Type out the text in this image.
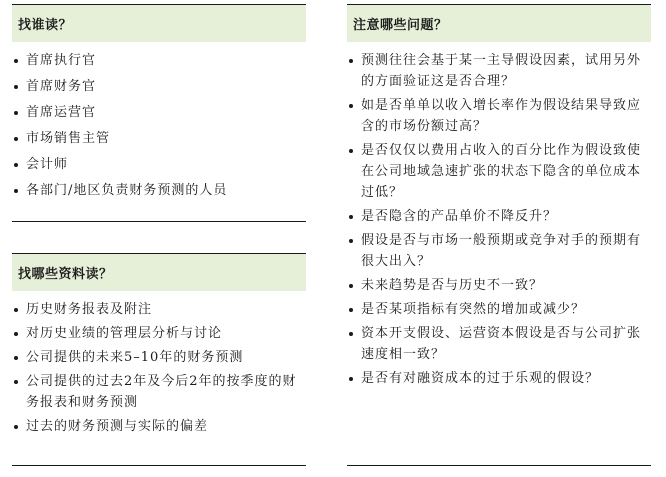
找谁读？
首席执行官
首席财务官
首席运营官
市场销售主管
会计师
各部门/地区负责财务预测的人员
找哪些资料读？
历史财务报表及附注
对历史业绩的管理层分析与讨论
公司提供的未来5–10年的财务预测
公司提供的过去2年及今后2年的按季度的财务报表和财务预测
过去的财务预测与实际的偏差
注意哪些问题？
预测往往会基于某一主导假设因素，试用另外的方面验证这是否合理？
如是否单单以收入增长率作为假设结果导致应含的市场份额过高？
是否仅仅以费用占收入的百分比作为假设致使在公司地域急速扩张的状态下隐含的单位成本过低？
是否隐含的产品单价不降反升？
假设是否与市场一般预期或竞争对手的预期有很大出入？
未来趋势是否与历史不一致？
是否某项指标有突然的增加或减少？
资本开支假设、运营资本假设是否与公司扩张速度相一致？
是否有对融资成本的过于乐观的假设？
